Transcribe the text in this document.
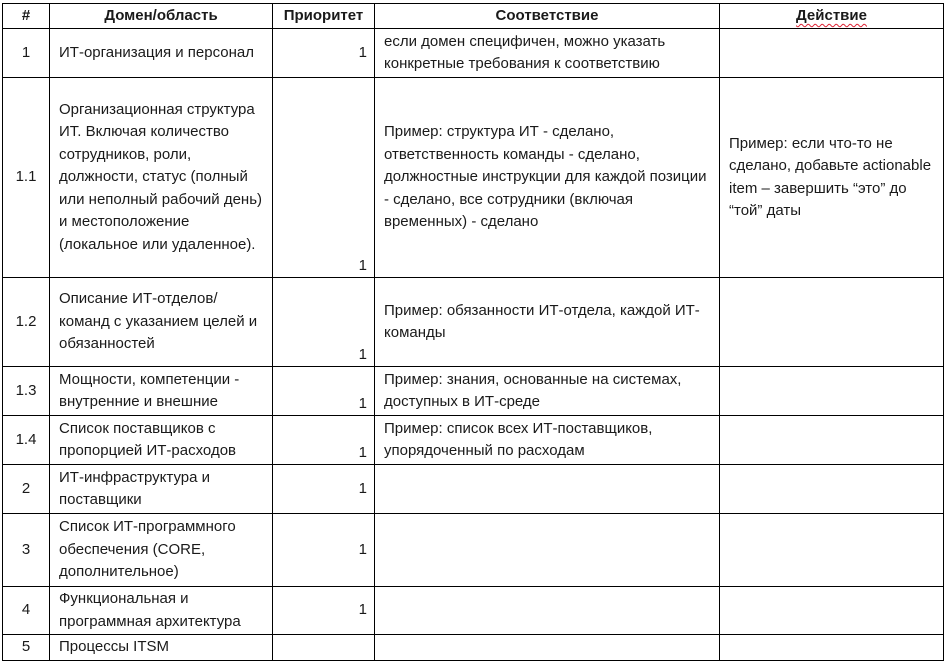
#	Домен/область	Приоритет	Соответствие	Действие
1	ИТ-организация и персонал	1	если домен специфичен, можно указать конкретные требования к соответствию	
1.1	Организационная структура ИТ. Включая количество сотрудников, роли, должности, статус (полный или неполный рабочий день) и местоположение (локальное или удаленное).	1	Пример: структура ИТ - сделано, ответственность команды - сделано, должностные инструкции для каждой позиции - сделано, все сотрудники (включая временных) - сделано	Пример: если что-то не сделано, добавьте actionable item – завершить “это” до “той” даты
1.2	Описание ИТ-отделов/команд с указанием целей и обязанностей	1	Пример: обязанности ИТ-отдела, каждой ИТ-команды	
1.3	Мощности, компетенции - внутренние и внешние	1	Пример: знания, основанные на системах, доступных в ИТ-среде	
1.4	Список поставщиков с пропорцией ИТ-расходов	1	Пример: список всех ИТ-поставщиков, упорядоченный по расходам	
2	ИТ-инфраструктура и поставщики	1		
3	Список ИТ-программного обеспечения (CORE, дополнительное)	1		
4	Функциональная и программная архитектура	1		
5	Процессы ITSM			
